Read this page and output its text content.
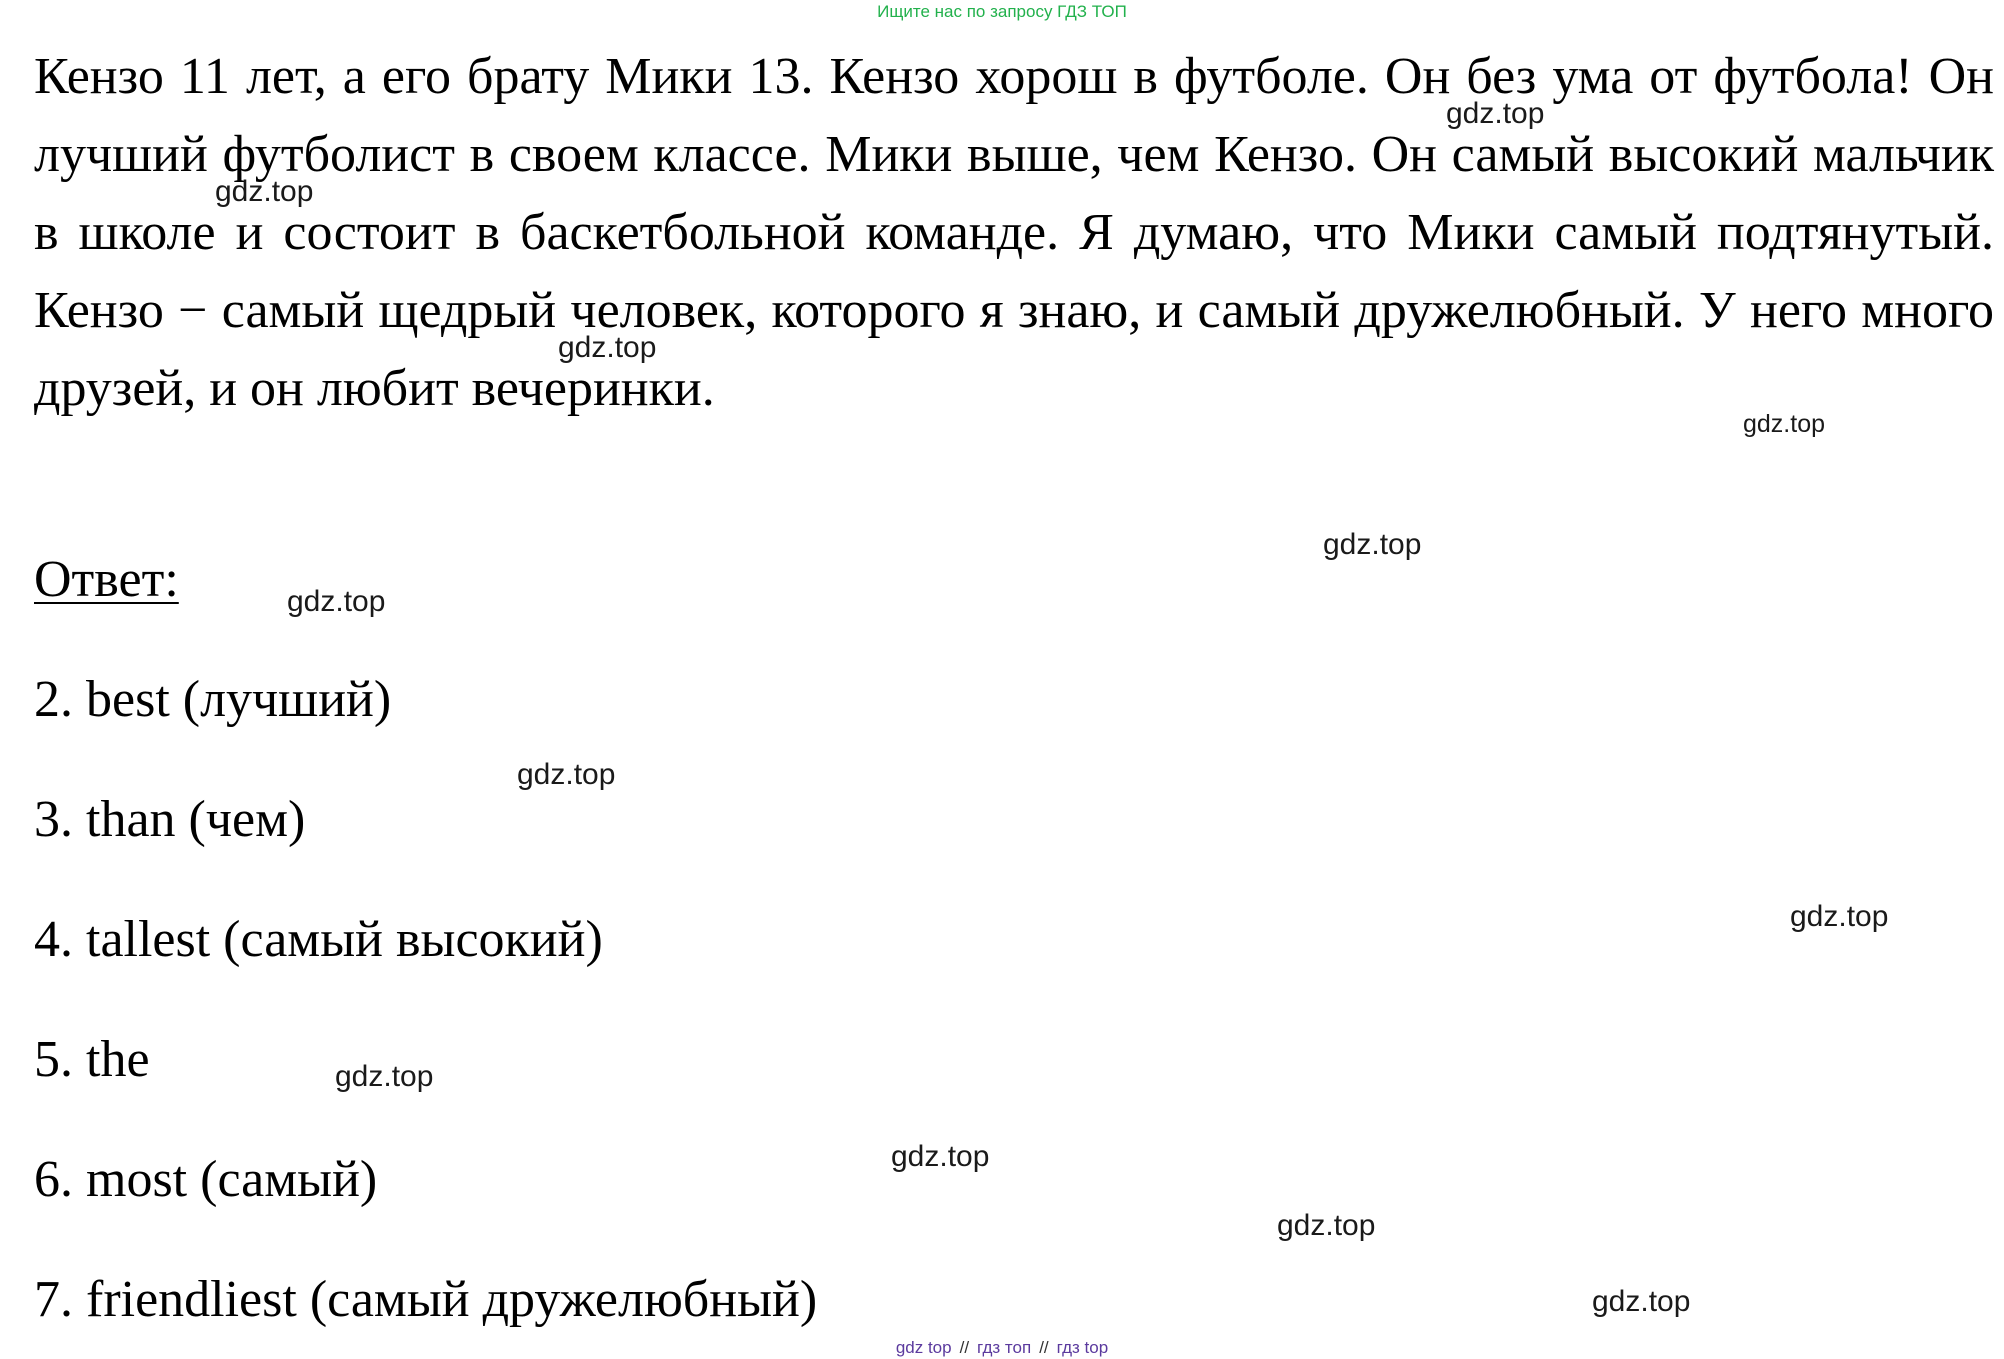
Ищите нас по запросу ГДЗ ТОП

Кензо 11 лет, а его брату Мики 13. Кензо хорош в футболе. Он без ума от футбола! Он лучший футболист в своем классе. Мики выше, чем Кензо. Он самый высокий мальчик в школе и состоит в баскетбольной команде. Я думаю, что Мики самый подтянутый. Кензо − самый щедрый человек, которого я знаю, и самый дружелюбный. У него много друзей, и он любит вечеринки.

Ответ:
2. best (лучший)
3. than (чем)
4. tallest (самый высокий)
5. the
6. most (самый)
7. friendliest (самый дружелюбный)
gdz.top
gdz.top
gdz.top
gdz.top
gdz.top
gdz.top
gdz.top
gdz.top
gdz.top
gdz.top
gdz.top
gdz.top
gdz top // гдз топ // гдз top
